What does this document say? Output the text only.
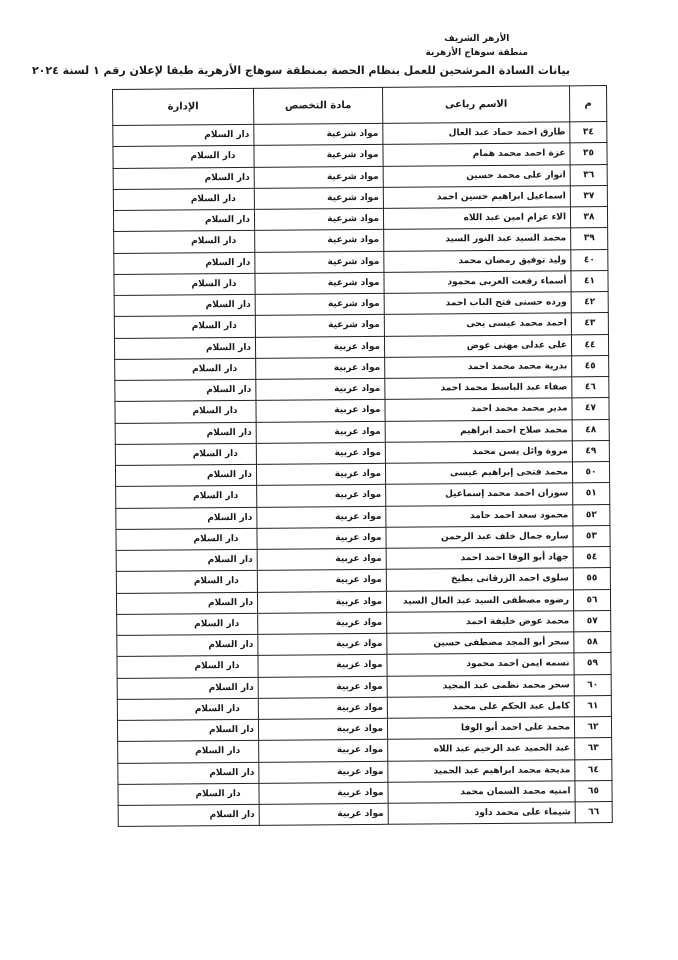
الأزهر الشريف
منطقة سوهاج الأزهرية
بيانات السادة المرشحين للعمل بنظام الحصة بمنطقة سوهاج الأزهرية طبقا لإعلان رقم ١ لسنة ٢٠٢٤
م	الاسم رباعى	مادة التخصص	الإدارة
٣٤	طارق احمد حماد عبد العال	مواد شرعية	دار السلام
٣٥	عزة احمد محمد همام	مواد شرعية	دار السلام
٣٦	انوار على محمد حسين	مواد شرعية	دار السلام
٣٧	اسماعيل ابراهيم حسين احمد	مواد شرعية	دار السلام
٣٨	الاء عزام امين عبد اللاه	مواد شرعية	دار السلام
٣٩	محمد السيد عبد النور السيد	مواد شرعية	دار السلام
٤٠	وليد توفيق رمضان محمد	مواد شرعية	دار السلام
٤١	أسماء رفعت العربى محمود	مواد شرعية	دار السلام
٤٢	ورده حسنى فتح الباب احمد	مواد شرعية	دار السلام
٤٣	احمد محمد عيسى يحى	مواد شرعية	دار السلام
٤٤	على عدلى مهنى عوض	مواد عربية	دار السلام
٤٥	بدرية محمد محمد احمد	مواد عربية	دار السلام
٤٦	صفاء عبد الباسط محمد احمد	مواد عربية	دار السلام
٤٧	مدير محمد محمد احمد	مواد عربية	دار السلام
٤٨	محمد صلاح احمد ابراهيم	مواد عربية	دار السلام
٤٩	مروة وائل يسن محمد	مواد عربية	دار السلام
٥٠	محمد فتحى إبراهيم عيسى	مواد عربية	دار السلام
٥١	سوزان احمد محمد إسماعيل	مواد عربية	دار السلام
٥٢	محمود سعد احمد حامد	مواد عربية	دار السلام
٥٣	ساره جمال خلف عبد الرحمن	مواد عربية	دار السلام
٥٤	جهاد أبو الوفا احمد احمد	مواد عربية	دار السلام
٥٥	سلوى احمد الزرقانى بطيخ	مواد عربية	دار السلام
٥٦	رضوه مصطفى السيد عبد العال السيد	مواد عربية	دار السلام
٥٧	محمد عوض خليفة احمد	مواد عربية	دار السلام
٥٨	سحر أبو المجد مصطفى حسين	مواد عربية	دار السلام
٥٩	نسمه ايمن احمد محمود	مواد عربية	دار السلام
٦٠	سحر محمد نظمى عبد المجيد	مواد عربية	دار السلام
٦١	كامل عبد الحكم على محمد	مواد عربية	دار السلام
٦٢	محمد على احمد أبو الوفا	مواد عربية	دار السلام
٦٣	عبد الحميد عبد الرحيم عبد اللاه	مواد عربية	دار السلام
٦٤	مديحة محمد ابراهيم عبد الحميد	مواد عربية	دار السلام
٦٥	امنيه محمد السمان محمد	مواد عربية	دار السلام
٦٦	شيماء على محمد داود	مواد عربية	دار السلام
